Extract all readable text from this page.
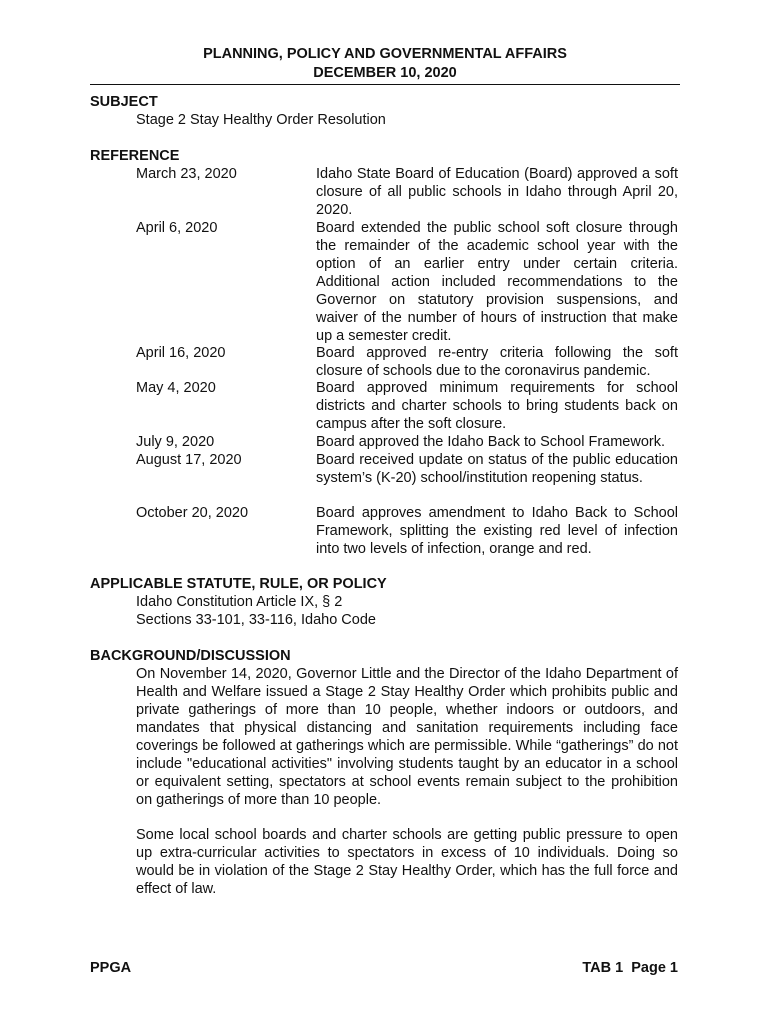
PLANNING, POLICY AND GOVERNMENTAL AFFAIRS
DECEMBER 10, 2020
SUBJECT
Stage 2 Stay Healthy Order Resolution
REFERENCE
March 23, 2020	Idaho State Board of Education (Board) approved a soft closure of all public schools in Idaho through April 20, 2020.
April 6, 2020	Board extended the public school soft closure through the remainder of the academic school year with the option of an earlier entry under certain criteria. Additional action included recommendations to the Governor on statutory provision suspensions, and waiver of the number of hours of instruction that make up a semester credit.
April 16, 2020	Board approved re-entry criteria following the soft closure of schools due to the coronavirus pandemic.
May 4, 2020	Board approved minimum requirements for school districts and charter schools to bring students back on campus after the soft closure.
July 9, 2020	Board approved the Idaho Back to School Framework.
August 17, 2020	Board received update on status of the public education system’s (K-20) school/institution reopening status.
October 20, 2020	Board approves amendment to Idaho Back to School Framework, splitting the existing red level of infection into two levels of infection, orange and red.
APPLICABLE STATUTE, RULE, OR POLICY
Idaho Constitution Article IX, § 2
Sections 33-101, 33-116, Idaho Code
BACKGROUND/DISCUSSION
On November 14, 2020, Governor Little and the Director of the Idaho Department of Health and Welfare issued a Stage 2 Stay Healthy Order which prohibits public and private gatherings of more than 10 people, whether indoors or outdoors, and mandates that physical distancing and sanitation requirements including face coverings be followed at gatherings which are permissible. While “gatherings” do not include "educational activities" involving students taught by an educator in a school or equivalent setting, spectators at school events remain subject to the prohibition on gatherings of more than 10 people.
Some local school boards and charter schools are getting public pressure to open up extra-curricular activities to spectators in excess of 10 individuals. Doing so would be in violation of the Stage 2 Stay Healthy Order, which has the full force and effect of law.
PPGA	TAB 1  Page 1
